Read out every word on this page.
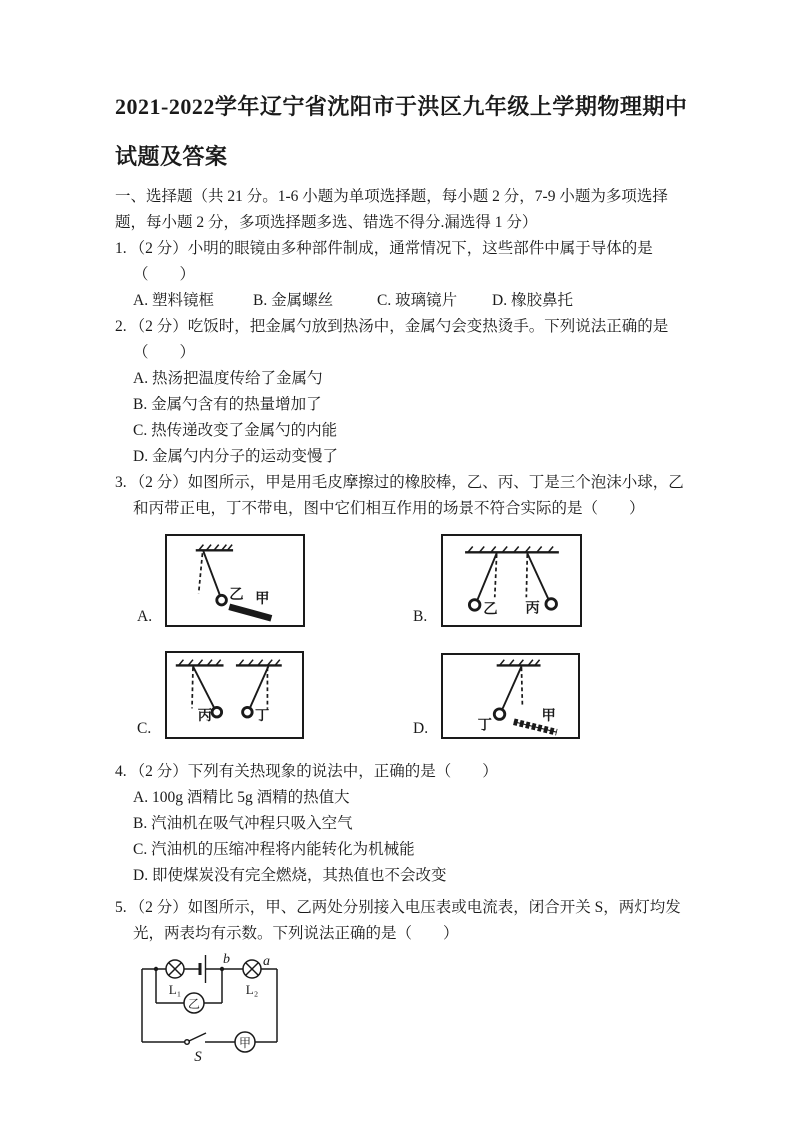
2021-2022学年辽宁省沈阳市于洪区九年级上学期物理期中
试题及答案

一、选择题（共 21 分。1-6 小题为单项选择题，每小题 2 分，7-9 小题为多项选择题，每小题 2 分，多项选择题多选、错选不得分.漏选得 1 分）

1. （2 分）小明的眼镜由多种部件制成，通常情况下，这些部件中属于导体的是（　　）

A. 塑料镜框	B. 金属螺丝	C. 玻璃镜片	D. 橡胶鼻托

2. （2 分）吃饭时，把金属勺放到热汤中，金属勺会变热烫手。下列说法正确的是（　　）

A. 热汤把温度传给了金属勺
B. 金属勺含有的热量增加了
C. 热传递改变了金属勺的内能
D. 金属勺内分子的运动变慢了

3. （2 分）如图所示，甲是用毛皮摩擦过的橡胶棒，乙、丙、丁是三个泡沫小球，乙和丙带正电，丁不带电，图中它们相互作用的场景不符合实际的是（　　）

A.
乙 甲
B.	乙 丙
C.
丙	丁
D.	丁
甲

4. （2 分）下列有关热现象的说法中，正确的是（　　）

A. 100g 酒精比 5g 酒精的热值大
B. 汽油机在吸气冲程只吸入空气
C. 汽油机的压缩冲程将内能转化为机械能
D. 即使煤炭没有完全燃烧，其热值也不会改变

5. （2 分）如图所示，甲、乙两处分别接入电压表或电流表，闭合开关 S，两灯均发光，两表均有示数。下列说法正确的是（　　）

b a
L₁	L₂
乙
甲
S
